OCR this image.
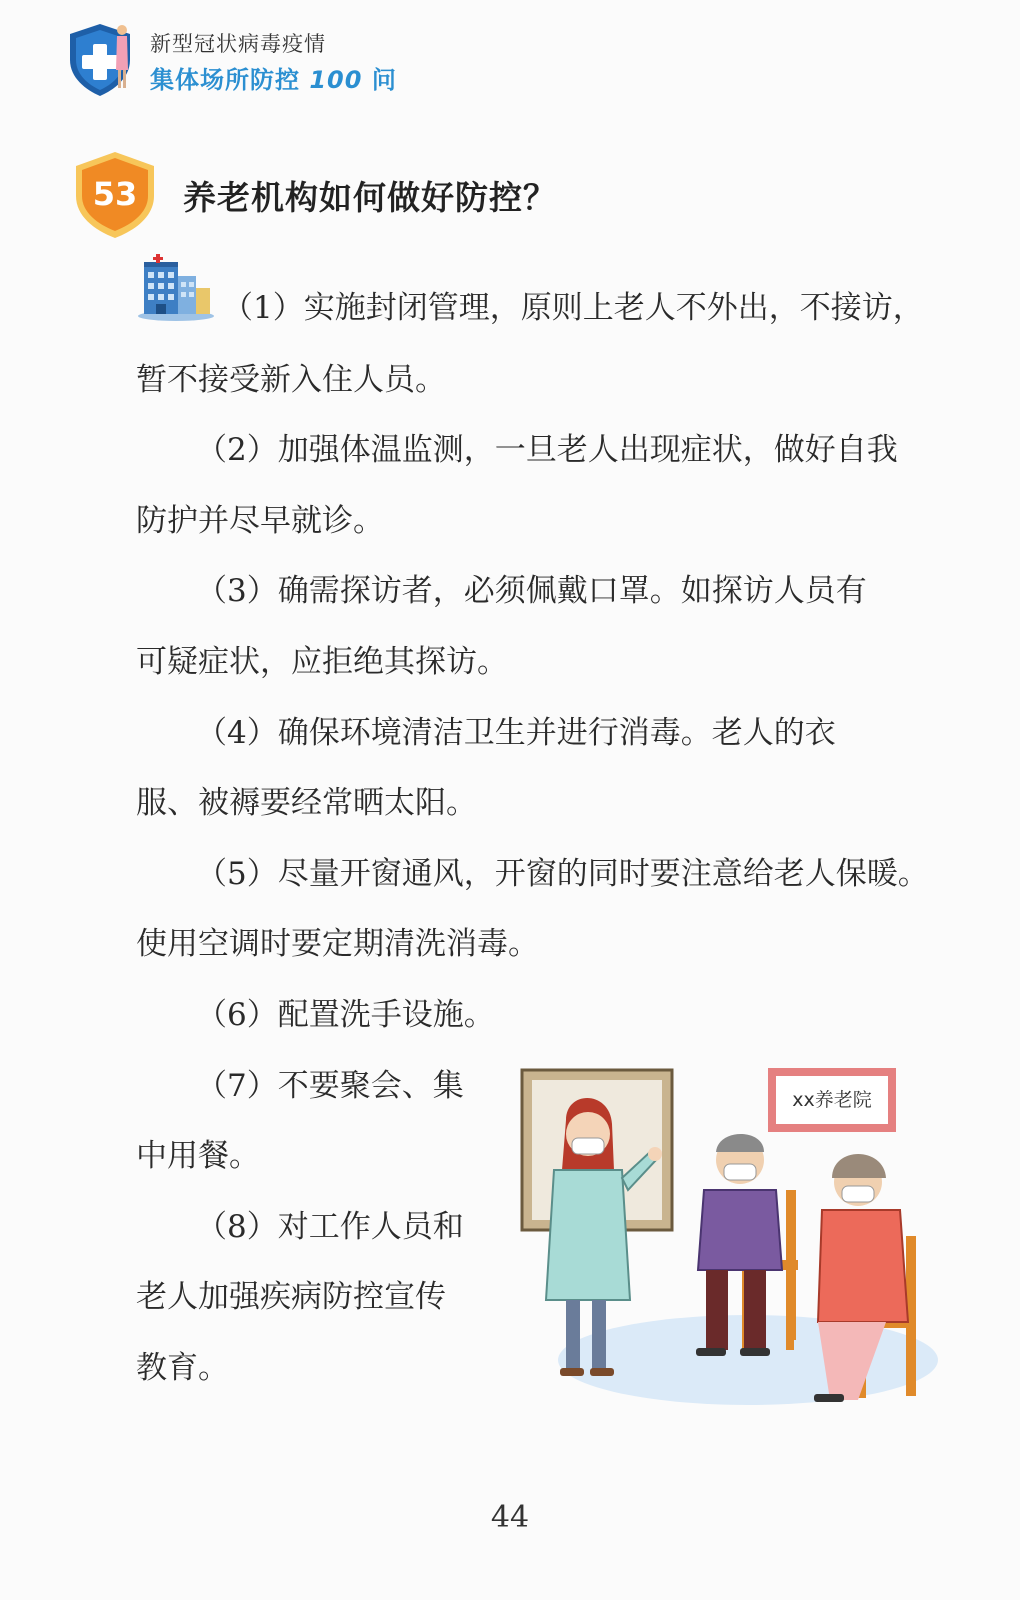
新型冠状病毒疫情
集体场所防控 100 问
53 养老机构如何做好防控？
（1）实施封闭管理，原则上老人不外出，不接访，
暂不接受新入住人员。
（2）加强体温监测，一旦老人出现症状，做好自我
防护并尽早就诊。
（3）确需探访者，必须佩戴口罩。如探访人员有
可疑症状，应拒绝其探访。
（4）确保环境清洁卫生并进行消毒。老人的衣
服、被褥要经常晒太阳。
（5）尽量开窗通风，开窗的同时要注意给老人保暖。
使用空调时要定期清洗消毒。
（6）配置洗手设施。
（7）不要聚会、集
中用餐。
（8）对工作人员和
老人加强疾病防控宣传
教育。
xx养老院
44
